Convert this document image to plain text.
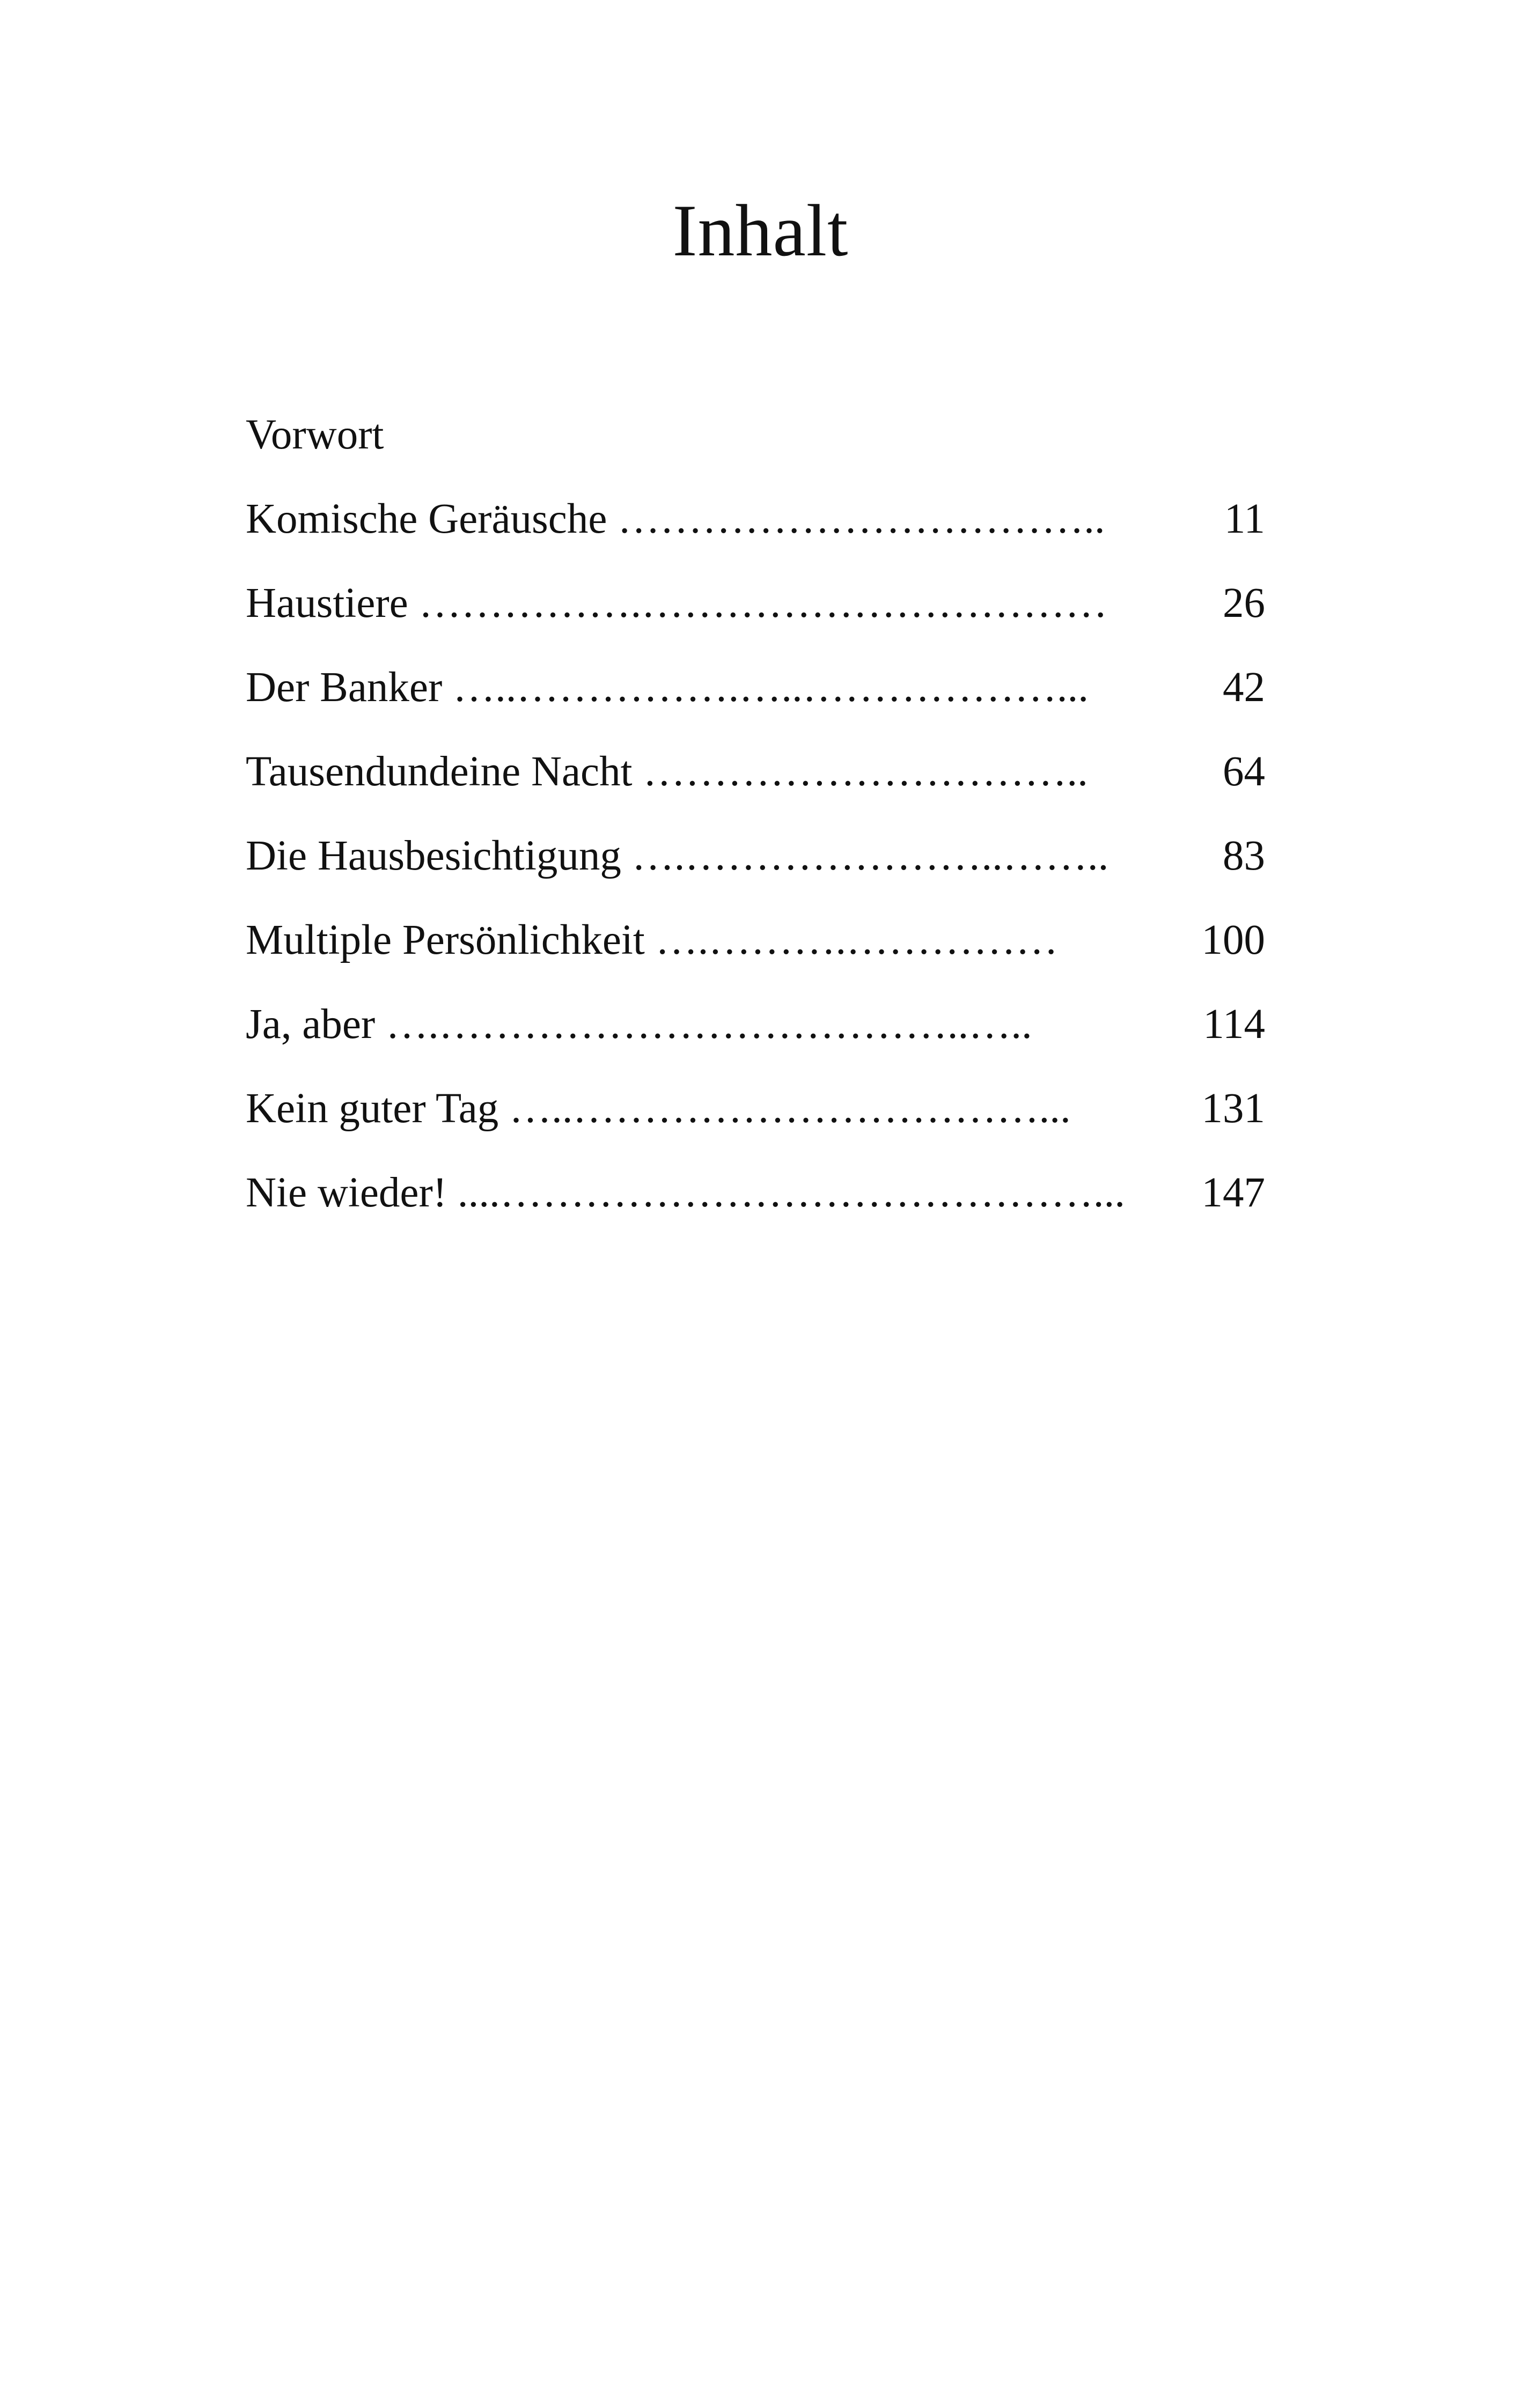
Inhalt
Vorwort
Komische Geräusche ……………………………..	11
Haustiere …………….……………………………	26
Der Banker …..…………….…..………………...	42
Tausendundeine Nacht …………………………..	64
Die Hausbesichtigung ….…………………..……..	83
Multiple Persönlichkeit ….……….……………	100
Ja, aber ….………………………………..…..	114
Kein guter Tag …..……………………………...	131
Nie wieder! ....……………………………………... 147
